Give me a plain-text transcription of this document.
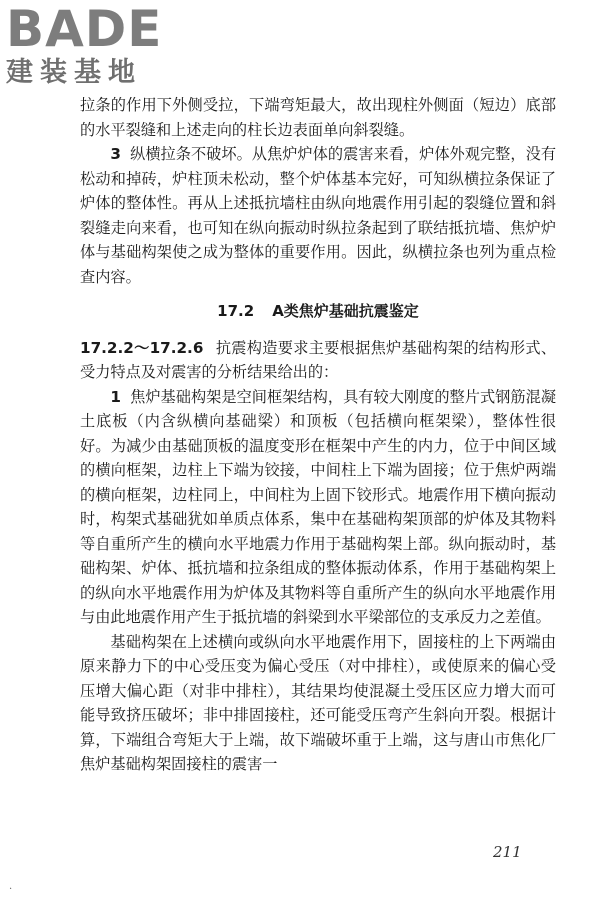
BADE
建装基地

拉条的作用下外侧受拉，下端弯矩最大，故出现柱外侧面（短边）底部的水平裂缝和上述走向的柱长边表面单向斜裂缝。

3 纵横拉条不破坏。从焦炉炉体的震害来看，炉体外观完整，没有松动和掉砖，炉柱顶未松动，整个炉体基本完好，可知纵横拉条保证了炉体的整体性。再从上述抵抗墙柱由纵向地震作用引起的裂缝位置和斜裂缝走向来看，也可知在纵向振动时纵拉条起到了联结抵抗墙、焦炉炉体与基础构架使之成为整体的重要作用。因此，纵横拉条也列为重点检查内容。

17.2 A类焦炉基础抗震鉴定

17.2.2～17.2.6 抗震构造要求主要根据焦炉基础构架的结构形式、受力特点及对震害的分析结果给出的：

1 焦炉基础构架是空间框架结构，具有较大刚度的整片式钢筋混凝土底板（内含纵横向基础梁）和顶板（包括横向框架梁），整体性很好。为减少由基础顶板的温度变形在框架中产生的内力，位于中间区域的横向框架，边柱上下端为铰接，中间柱上下端为固接；位于焦炉两端的横向框架，边柱同上，中间柱为上固下铰形式。地震作用下横向振动时，构架式基础犹如单质点体系，集中在基础构架顶部的炉体及其物料等自重所产生的横向水平地震力作用于基础构架上部。纵向振动时，基础构架、炉体、抵抗墙和拉条组成的整体振动体系，作用于基础构架上的纵向水平地震作用为炉体及其物料等自重所产生的纵向水平地震作用与由此地震作用产生于抵抗墙的斜梁到水平梁部位的支承反力之差值。

基础构架在上述横向或纵向水平地震作用下，固接柱的上下两端由原来静力下的中心受压变为偏心受压（对中排柱），或使原来的偏心受压增大偏心距（对非中排柱），其结果均使混凝土受压区应力增大而可能导致挤压破坏；非中排固接柱，还可能受压弯产生斜向开裂。根据计算，下端组合弯矩大于上端，故下端破坏重于上端，这与唐山市焦化厂焦炉基础构架固接柱的震害一

211
.
